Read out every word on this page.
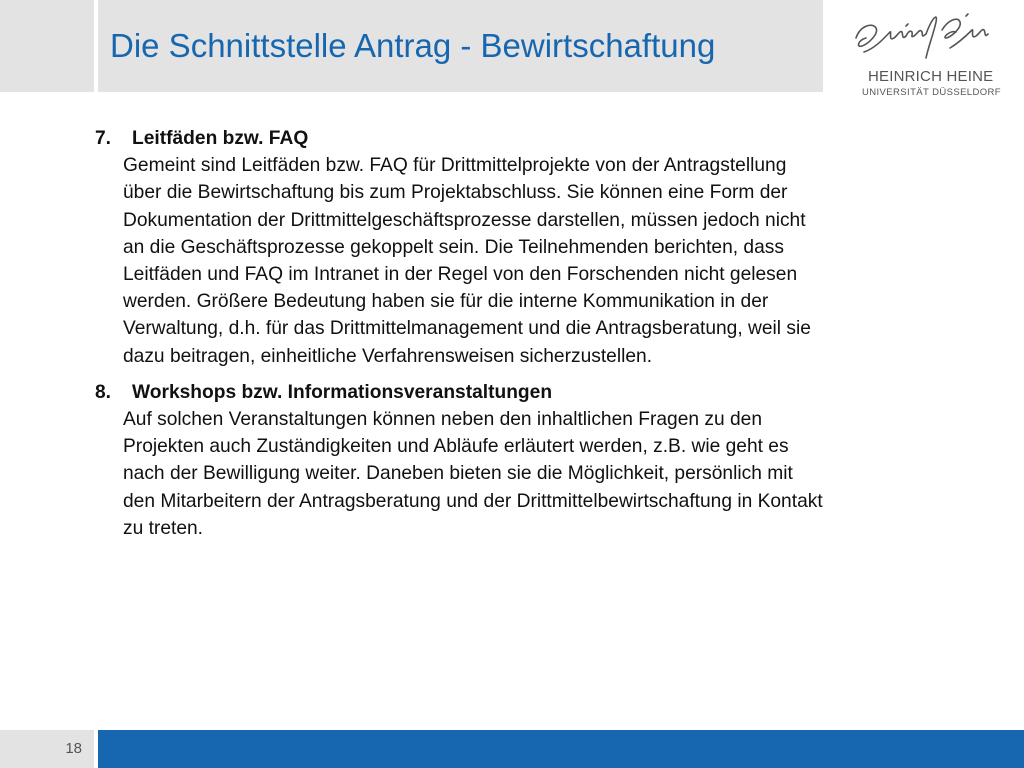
Die Schnittstelle Antrag - Bewirtschaftung
HEINRICH HEINE
UNIVERSITÄT DÜSSELDORF
7.	Leitfäden bzw. FAQ

Gemeint sind Leitfäden bzw. FAQ für Drittmittelprojekte von der Antragstellung
über die Bewirtschaftung bis zum Projektabschluss. Sie können eine Form der
Dokumentation der Drittmittelgeschäftsprozesse darstellen, müssen jedoch nicht
an die Geschäftsprozesse gekoppelt sein. Die Teilnehmenden berichten, dass
Leitfäden und FAQ im Intranet in der Regel von den Forschenden nicht gelesen
werden. Größere Bedeutung haben sie für die interne Kommunikation in der
Verwaltung, d.h. für das Drittmittelmanagement und die Antragsberatung, weil sie
dazu beitragen, einheitliche Verfahrensweisen sicherzustellen.

8.	Workshops bzw. Informationsveranstaltungen

Auf solchen Veranstaltungen können neben den inhaltlichen Fragen zu den
Projekten auch Zuständigkeiten und Abläufe erläutert werden, z.B. wie geht es
nach der Bewilligung weiter. Daneben bieten sie die Möglichkeit, persönlich mit
den Mitarbeitern der Antragsberatung und der Drittmittelbewirtschaftung in Kontakt
zu treten.

18
